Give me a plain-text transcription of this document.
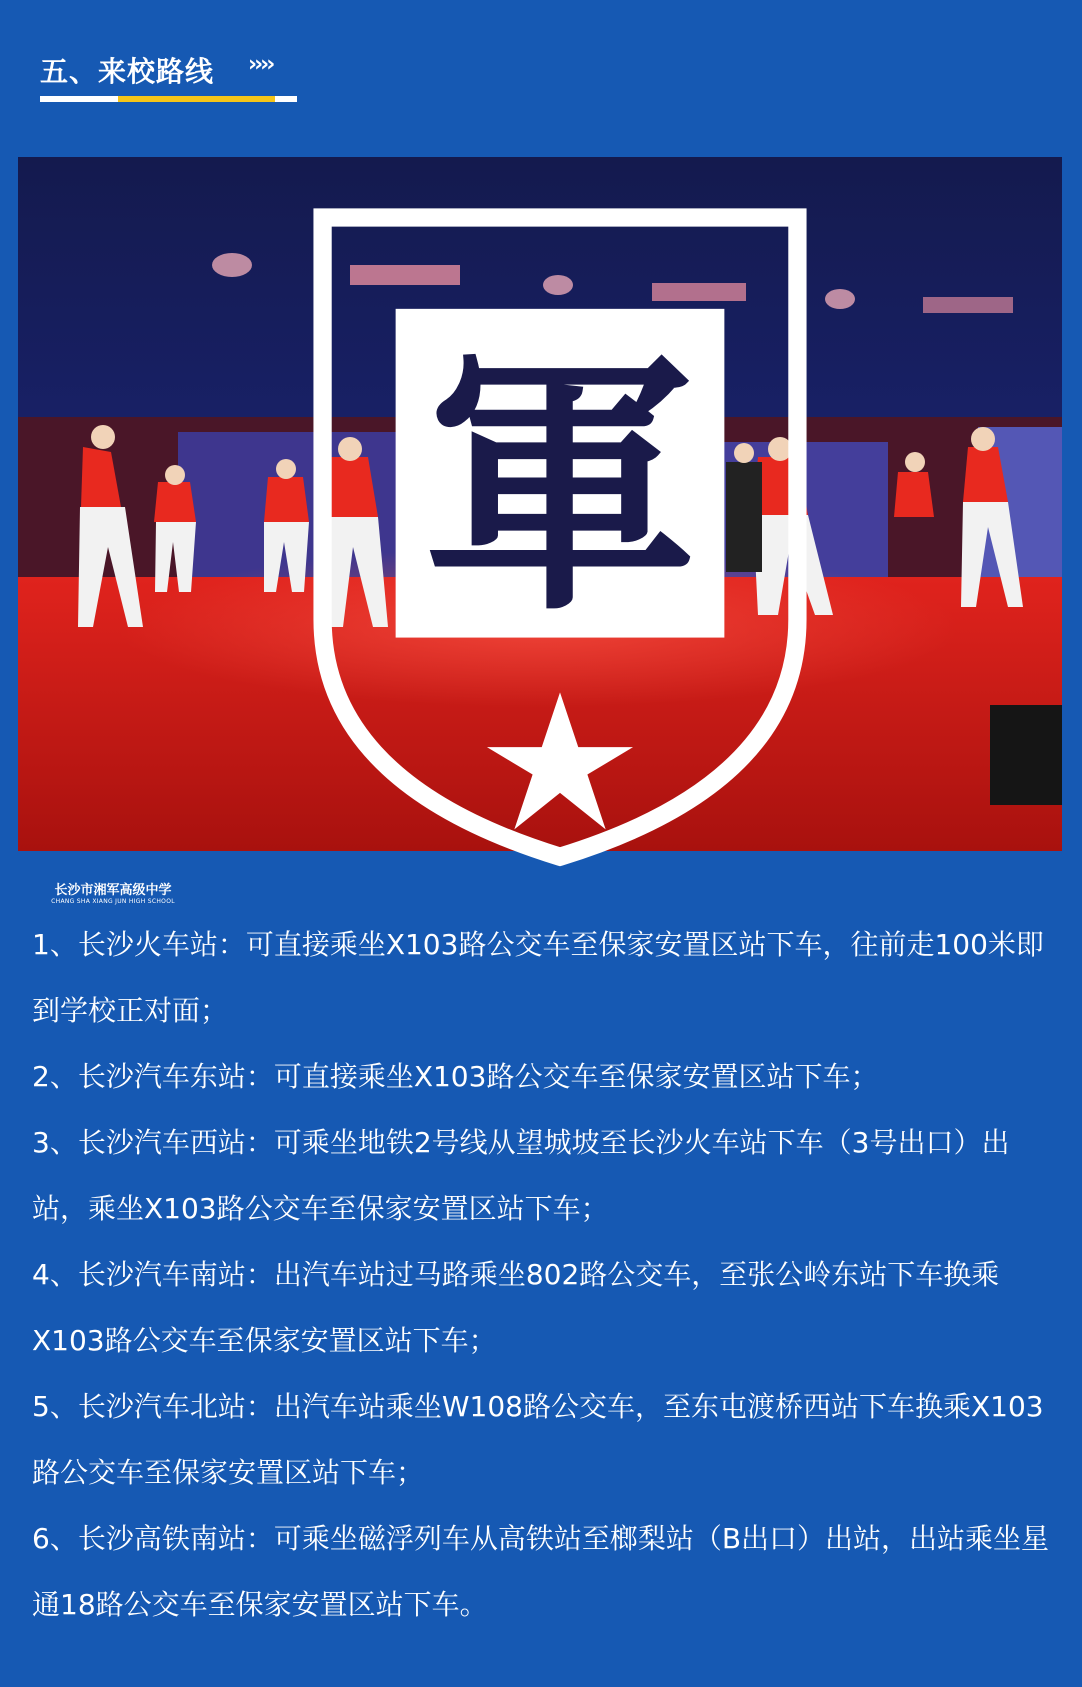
五、来校路线 ››››
軍
长沙市湘军高级中学
CHANG SHA XIANG JUN HIGH SCHOOL

1、长沙火车站：可直接乘坐X103路公交车至保家安置区站下车，往前走100米即到学校正对面；

2、长沙汽车东站：可直接乘坐X103路公交车至保家安置区站下车；

3、长沙汽车西站：可乘坐地铁2号线从望城坡至长沙火车站下车（3号出口）出站，乘坐X103路公交车至保家安置区站下车；

4、长沙汽车南站：出汽车站过马路乘坐802路公交车，至张公岭东站下车换乘X103路公交车至保家安置区站下车；

5、长沙汽车北站：出汽车站乘坐W108路公交车，至东屯渡桥西站下车换乘X103路公交车至保家安置区站下车；

6、长沙高铁南站：可乘坐磁浮列车从高铁站至榔梨站（B出口）出站，出站乘坐星通18路公交车至保家安置区站下车。
